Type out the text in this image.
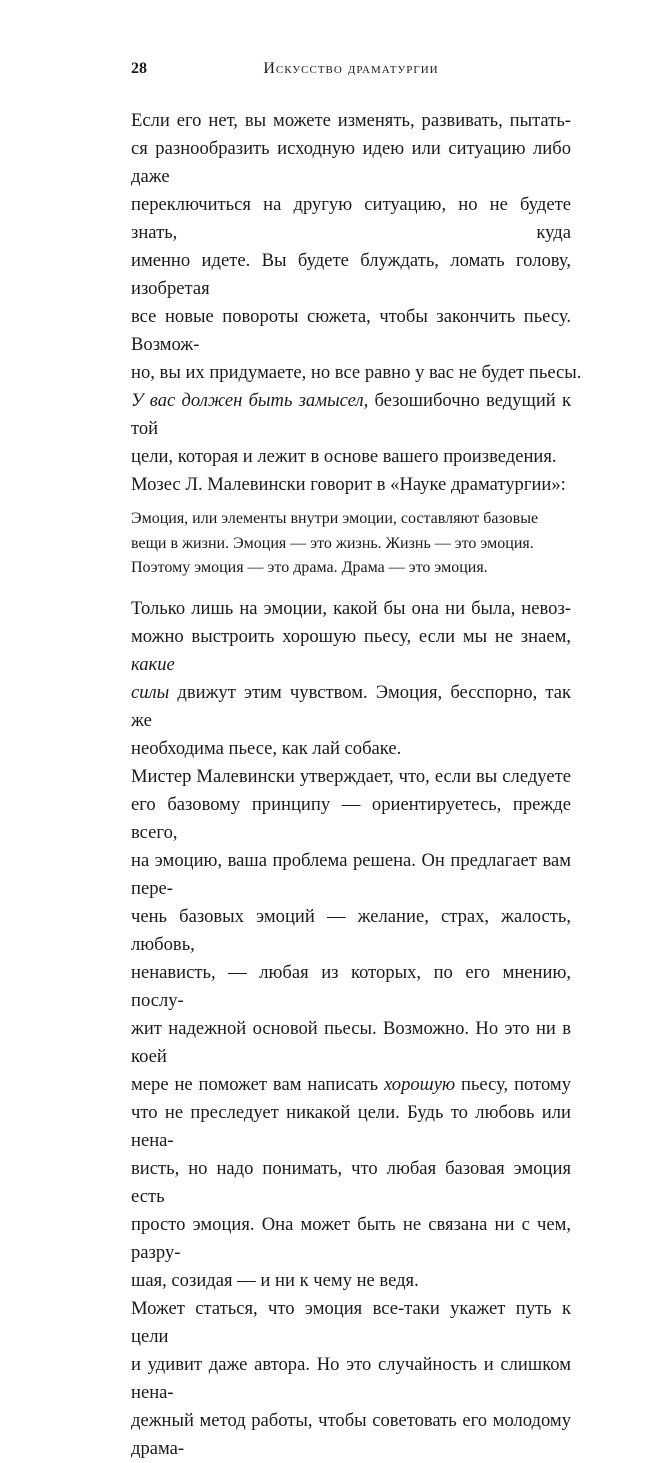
28	Искусство драматургии

Если его нет, вы можете изменять, развивать, пытать-
ся разнообразить исходную идею или ситуацию либо даже
переключиться на другую ситуацию, но не будете знать, куда
именно идете. Вы будете блуждать, ломать голову, изобретая
все новые повороты сюжета, чтобы закончить пьесу. Возмож-
но, вы их придумаете, но все равно у вас не будет пьесы.

У вас должен быть замысел, безошибочно ведущий к той
цели, которая и лежит в основе вашего произведения.

Мозес Л. Малевински говорит в «Науке драматургии»:

Эмоция, или элементы внутри эмоции, составляют базовые
вещи в жизни. Эмоция — это жизнь. Жизнь — это эмоция.
Поэтому эмоция — это драма. Драма — это эмоция.

Только лишь на эмоции, какой бы она ни была, невоз-
можно выстроить хорошую пьесу, если мы не знаем, какие
силы движут этим чувством. Эмоция, бесспорно, так же
необходима пьесе, как лай собаке.

Мистер Малевински утверждает, что, если вы следуете
его базовому принципу — ориентируетесь, прежде всего,
на эмоцию, ваша проблема решена. Он предлагает вам пере-
чень базовых эмоций — желание, страх, жалость, любовь,
ненависть, — любая из которых, по его мнению, послу-
жит надежной основой пьесы. Возможно. Но это ни в коей
мере не поможет вам написать хорошую пьесу, потому
что не преследует никакой цели. Будь то любовь или нена-
висть, но надо понимать, что любая базовая эмоция есть
просто эмоция. Она может быть не связана ни с чем, разру-
шая, созидая — и ни к чему не ведя.

Может статься, что эмоция все-таки укажет путь к цели
и удивит даже автора. Но это случайность и слишком нена-
дежный метод работы, чтобы советовать его молодому драма-
